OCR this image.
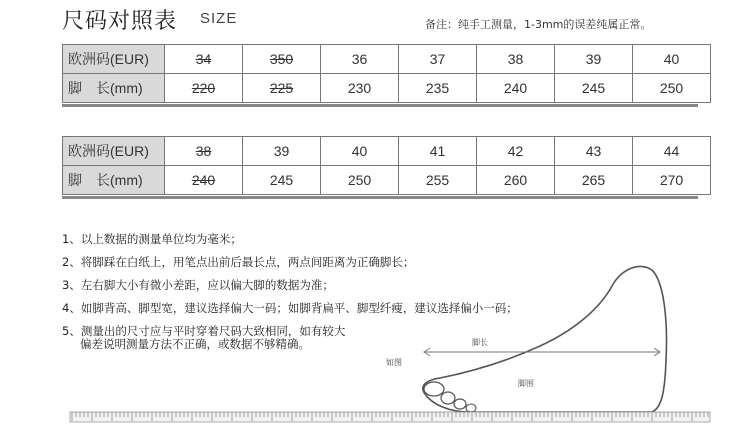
尺码对照表 SIZE	备注：纯手工测量，1-3mm的误差纯属正常。
欧洲码(EUR)	34	350	36	37	38	39	40
脚　长(mm)	220	225	230	235	240	245	250
欧洲码(EUR)	38	39	40	41	42	43	44
脚　长(mm)	240	245	250	255	260	265	270
1、以上数据的测量单位均为毫米；
2、将脚踩在白纸上，用笔点出前后最长点，两点间距离为正确脚长；
3、左右脚大小有微小差距，应以偏大脚的数据为准；
4、如脚背高、脚型宽，建议选择偏大一码；如脚背扁平、脚型纤瘦，建议选择偏小一码；
5、测量出的尺寸应与平时穿着尺码大致相同，如有较大
偏差说明测量方法不正确，或数据不够精确。	脚长
如图
脚围
